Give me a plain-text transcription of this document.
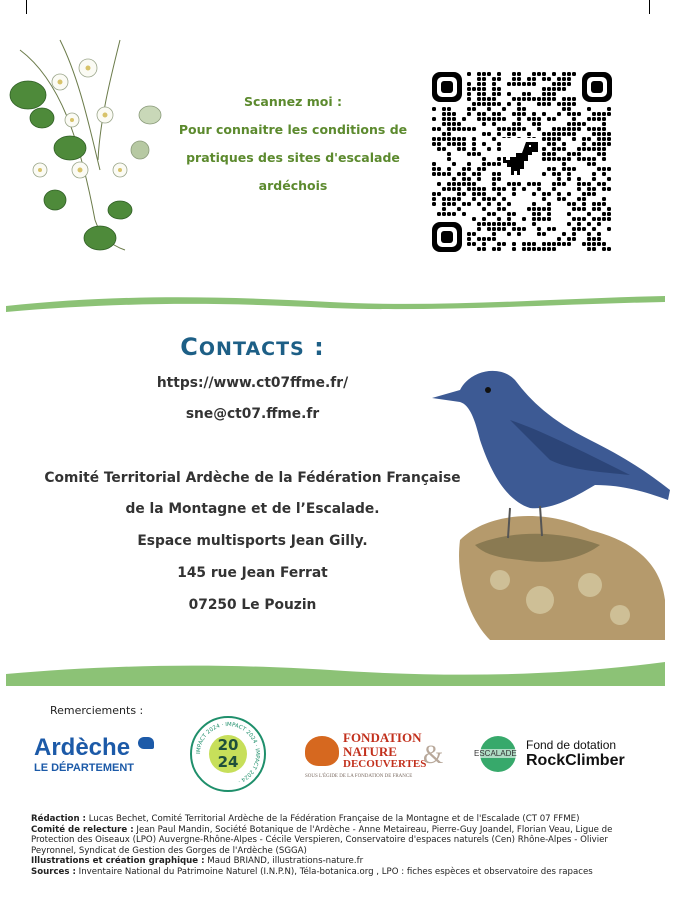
Scannez moi :
Pour connaitre les conditions de
pratiques des sites d'escalade
ardéchois
CONTACTS :
https://www.ct07ffme.fr/
sne@ct07.ffme.fr
Comité Territorial Ardèche de la Fédération Française
de la Montagne et de l’Escalade.
Espace multisports Jean Gilly.
145 rue Jean Ferrat
07250 Le Pouzin
Remerciements :
Ardèche
LE DÉPARTEMENT
IMPACT 2024 · IMPACT 2024 · IMPACT 2024 ·
20
24
FONDATION
NATURE
DECOUVERTES
&
SOUS L'ÉGIDE DE LA FONDATION DE FRANCE
ESCALADE
Fond de dotation
RockClimber
Rédaction : Lucas Bechet, Comité Territorial Ardèche de la Fédération Française de la Montagne et de l'Escalade (CT 07 FFME)
Comité de relecture : Jean Paul Mandin, Société Botanique de l'Ardèche - Anne Metaireau, Pierre-Guy Joandel, Florian Veau, Ligue de Protection des Oiseaux (LPO) Auvergne-Rhône-Alpes - Cécile Verspieren, Conservatoire d'espaces naturels (Cen) Rhône-Alpes - Olivier Peyronnel, Syndicat de Gestion des Gorges de l'Ardèche (SGGA)
Illustrations et création graphique : Maud BRIAND, illustrations-nature.fr
Sources : Inventaire National du Patrimoine Naturel (I.N.P.N), Téla-botanica.org , LPO : fiches espèces et observatoire des rapaces
